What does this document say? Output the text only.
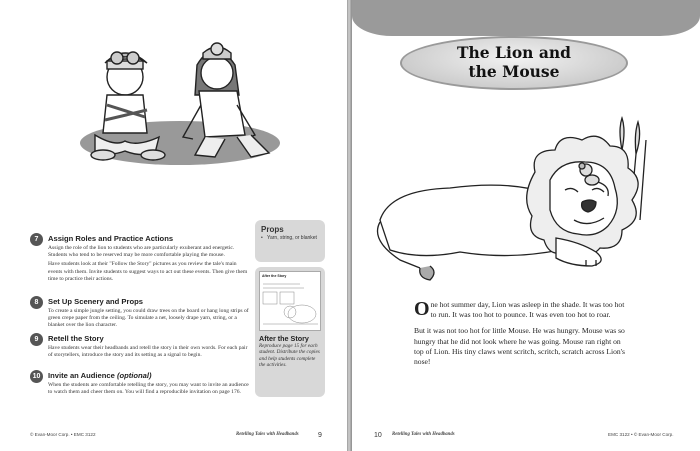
7	Assign Roles and Practice Actions

Assign the role of the lion to students who are particularly exuberant and energetic. Students who tend to be reserved may be more comfortable playing the mouse.

Have students look at their "Follow the Story" pictures as you review the tale's main events with them. Invite students to suggest ways to act out these events. Then give them time to practice their actions.

8	Set Up Scenery and Props

To create a simple jungle setting, you could draw trees on the board or hang long strips of green crepe paper from the ceiling. To simulate a net, loosely drape yarn, string, or a blanket over the lion character.

9	Retell the Story

Have students wear their headbands and retell the story in their own words. For each pair of storytellers, introduce the story and its setting as a signal to begin.

10	Invite an Audience (optional)

When the students are comfortable retelling the story, you may want to invite an audience to watch them and cheer them on. You will find a reproducible invitation on page 176.

Props
• Yarn, string, or blanket
After the Story
After the Story
Reproduce page 15 for each student. Distribute the copies and help students complete the activities.
© Evan-Moor Corp. • EMC 3122	Retelling Tales with Headbands	9
The Lion and
the Mouse

One hot summer day, Lion was asleep in the shade. It was too hot to run. It was too hot to pounce. It was even too hot to roar.

But it was not too hot for little Mouse. He was hungry. Mouse was so hungry that he did not look where he was going. Mouse ran right on top of Lion. His tiny claws went scritch, scritch, scratch across Lion's nose!

10 Retelling Tales with Headbands	EMC 3122 • © Evan-Moor Corp.
